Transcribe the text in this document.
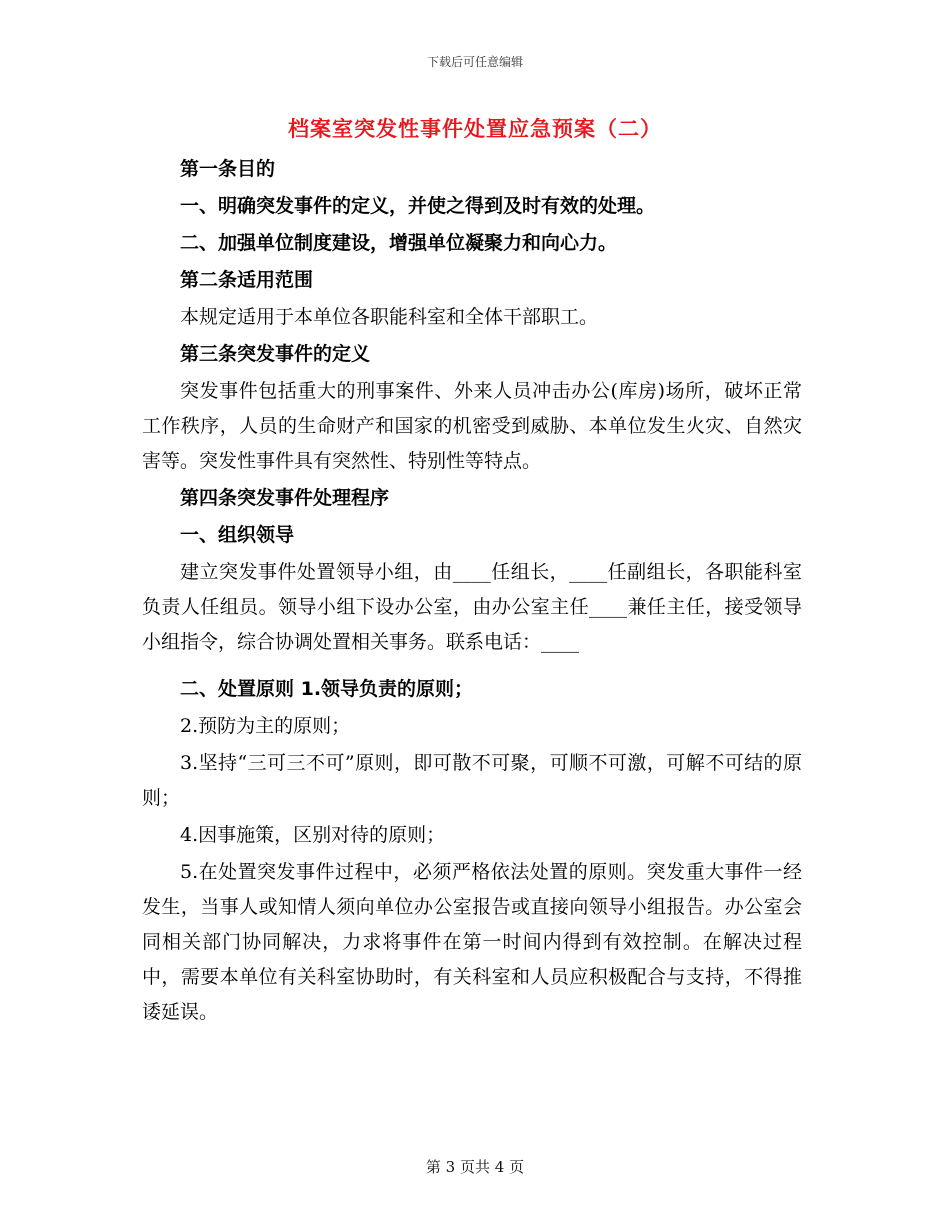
下载后可任意编辑
档案室突发性事件处置应急预案（二）

第一条目的

一、明确突发事件的定义，并使之得到及时有效的处理。

二、加强单位制度建设，增强单位凝聚力和向心力。

第二条适用范围

本规定适用于本单位各职能科室和全体干部职工。

第三条突发事件的定义

突发事件包括重大的刑事案件、外来人员冲击办公(库房)场所，破坏正常工作秩序，人员的生命财产和国家的机密受到威胁、本单位发生火灾、自然灾害等。突发性事件具有突然性、特别性等特点。

第四条突发事件处理程序

一、组织领导

建立突发事件处置领导小组，由____任组长，____任副组长，各职能科室负责人任组员。领导小组下设办公室，由办公室主任____兼任主任，接受领导小组指令，综合协调处置相关事务。联系电话：____

二、处置原则 1.领导负责的原则；

2.预防为主的原则；

3.坚持“三可三不可”原则，即可散不可聚，可顺不可激，可解不可结的原则；

4.因事施策，区别对待的原则；

5.在处置突发事件过程中，必须严格依法处置的原则。突发重大事件一经发生，当事人或知情人须向单位办公室报告或直接向领导小组报告。办公室会同相关部门协同解决，力求将事件在第一时间内得到有效控制。在解决过程中，需要本单位有关科室协助时，有关科室和人员应积极配合与支持，不得推诿延误。

第 3 页共 4 页
